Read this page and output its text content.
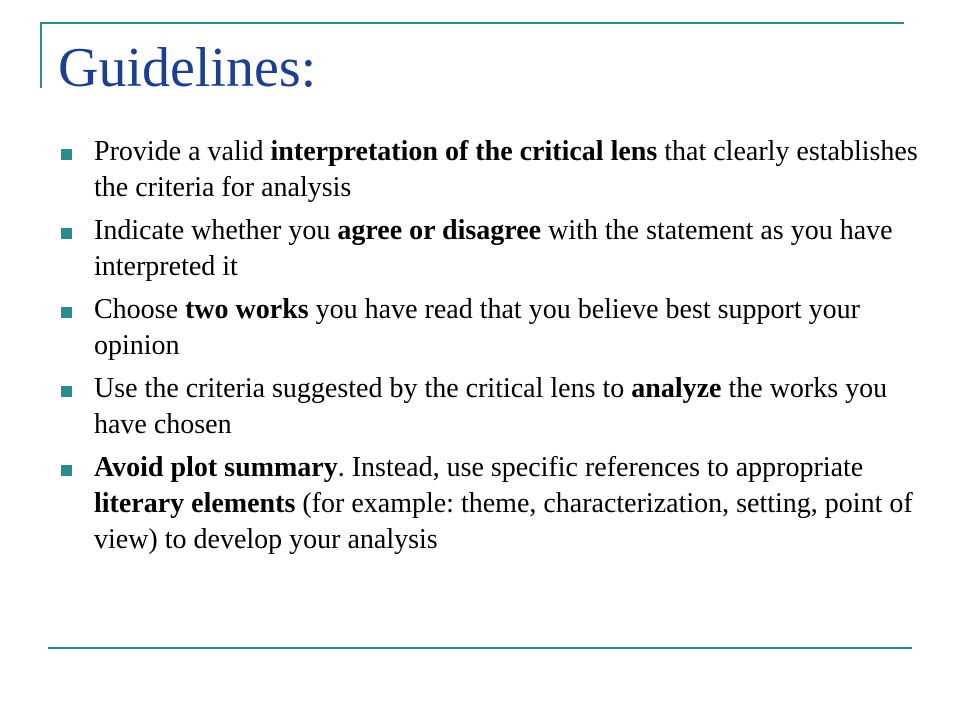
Guidelines:
Provide a valid interpretation of the critical lens that clearly establishes the criteria for analysis
Indicate whether you agree or disagree with the statement as you have interpreted it
Choose two works you have read that you believe best support your opinion
Use the criteria suggested by the critical lens to analyze the works you have chosen
Avoid plot summary. Instead, use specific references to appropriate literary elements (for example: theme, characterization, setting, point of view) to develop your analysis
